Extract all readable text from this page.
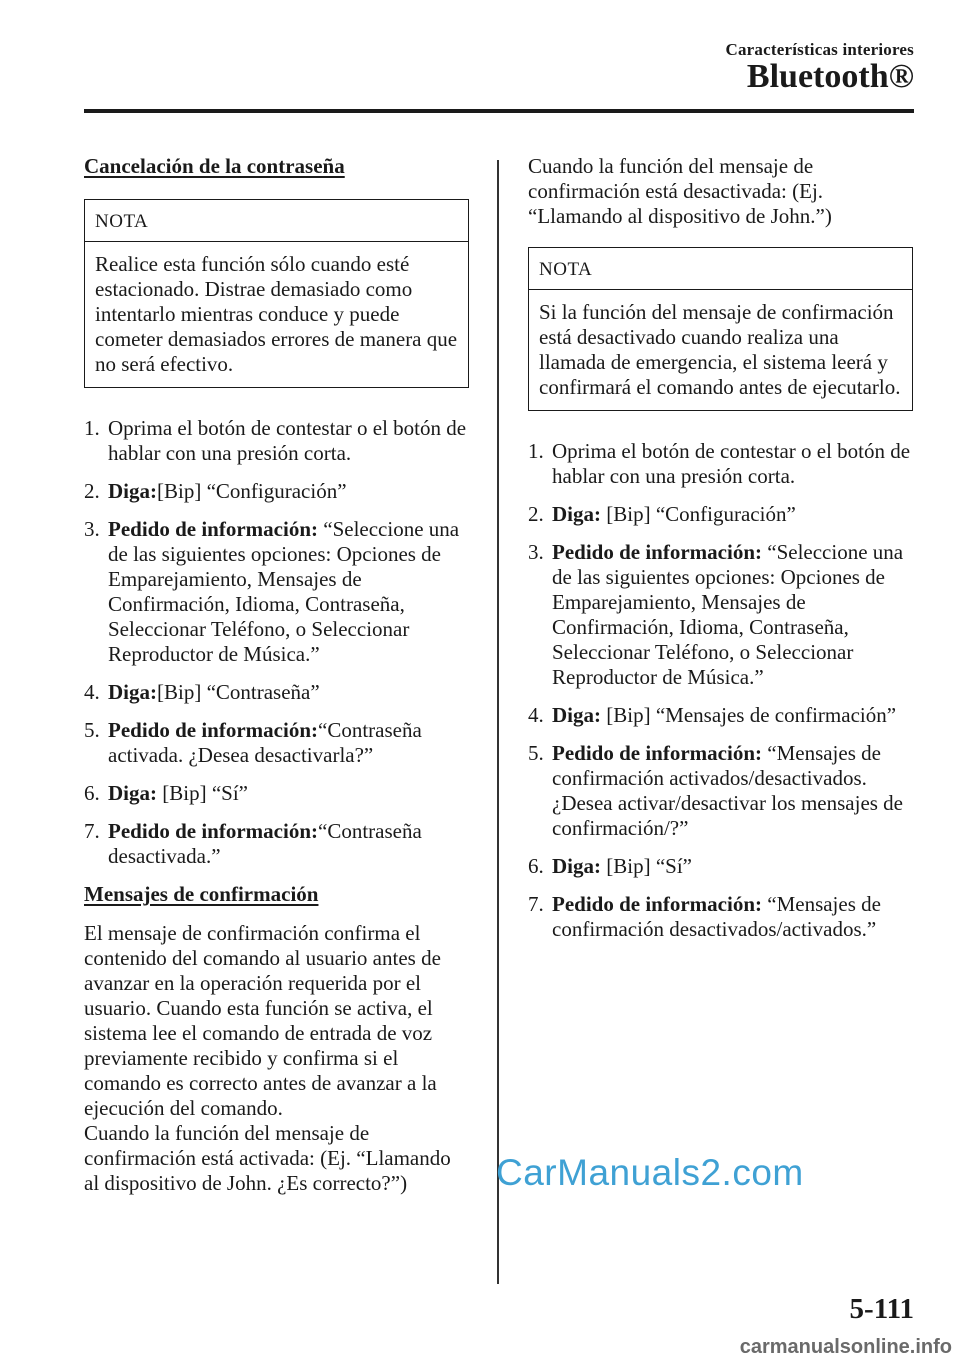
Características interiores
Bluetooth®
Cancelación de la contraseña
NOTA
Realice esta función sólo cuando esté estacionado. Distrae demasiado como intentarlo mientras conduce y puede cometer demasiados errores de manera que no será efectivo.
1. Oprima el botón de contestar o el botón de hablar con una presión corta.
2. Diga:[Bip] “Configuración”
3. Pedido de información: “Seleccione una de las siguientes opciones: Opciones de Emparejamiento, Mensajes de Confirmación, Idioma, Contraseña, Seleccionar Teléfono, o Seleccionar Reproductor de Música.”
4. Diga:[Bip] “Contraseña”
5. Pedido de información:“Contraseña activada. ¿Desea desactivarla?”
6. Diga: [Bip] “Sí”
7. Pedido de información:“Contraseña desactivada.”
Mensajes de confirmación

El mensaje de confirmación confirma el contenido del comando al usuario antes de avanzar en la operación requerida por el usuario. Cuando esta función se activa, el sistema lee el comando de entrada de voz previamente recibido y confirma si el comando es correcto antes de avanzar a la ejecución del comando.

Cuando la función del mensaje de confirmación está activada: (Ej. “Llamando al dispositivo de John. ¿Es correcto?”)

Cuando la función del mensaje de confirmación está desactivada: (Ej. “Llamando al dispositivo de John.”)

NOTA
Si la función del mensaje de confirmación está desactivado cuando realiza una llamada de emergencia, el sistema leerá y confirmará el comando antes de ejecutarlo.
1. Oprima el botón de contestar o el botón de hablar con una presión corta.
2. Diga: [Bip] “Configuración”
3. Pedido de información: “Seleccione una de las siguientes opciones: Opciones de Emparejamiento, Mensajes de Confirmación, Idioma, Contraseña, Seleccionar Teléfono, o Seleccionar Reproductor de Música.”
4. Diga: [Bip] “Mensajes de confirmación”
5. Pedido de información: “Mensajes de confirmación activados/desactivados. ¿Desea activar/desactivar los mensajes de confirmación/?”
6. Diga: [Bip] “Sí”
7. Pedido de información: “Mensajes de confirmación desactivados/activados.”
CarManuals2.com
5-111
carmanualsonline.info
